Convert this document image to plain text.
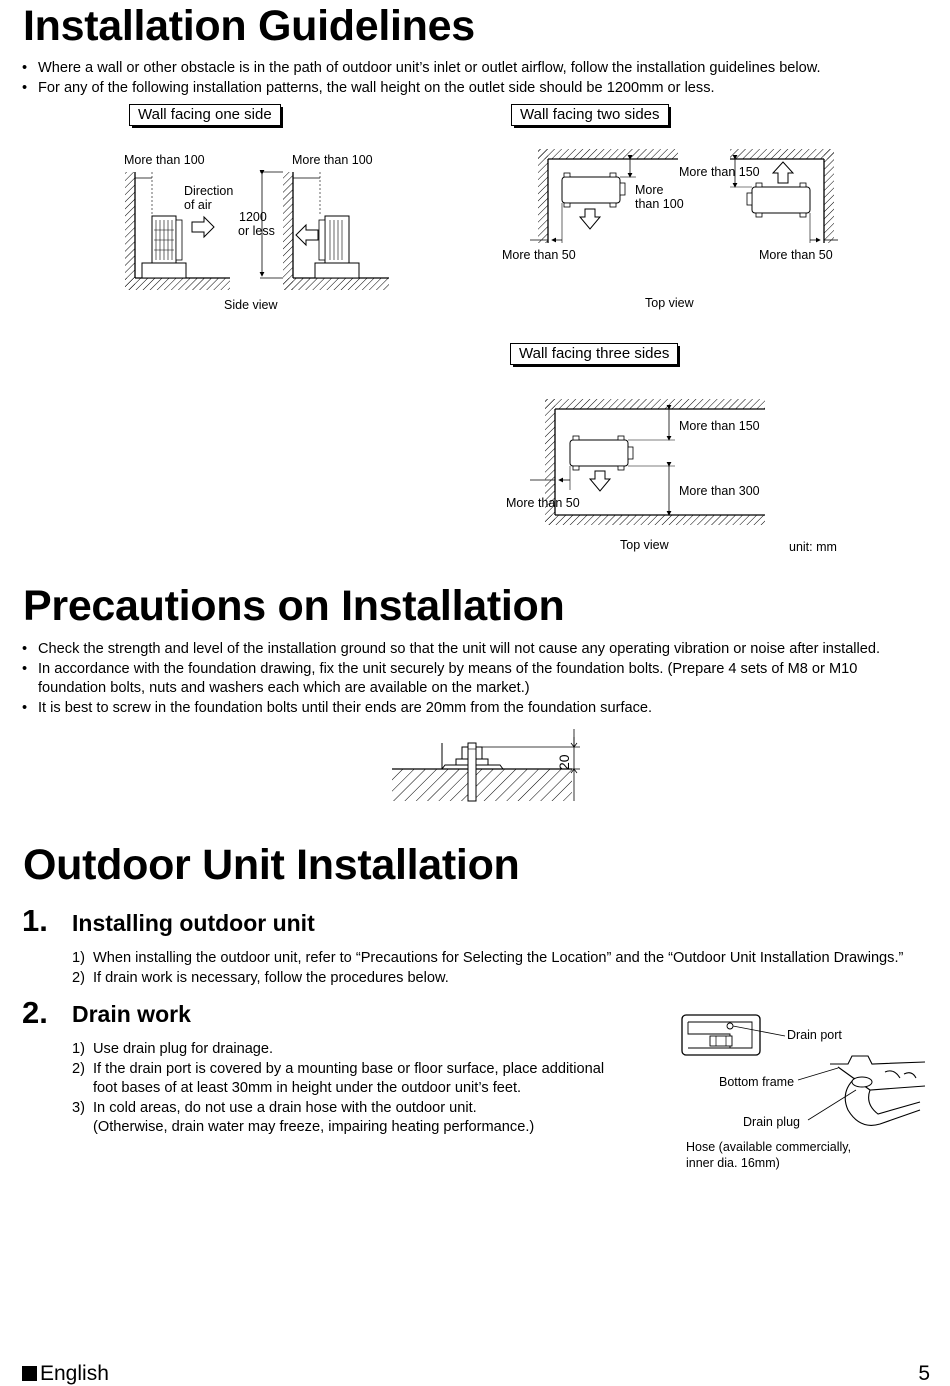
Installation Guidelines
• Where a wall or other obstacle is in the path of outdoor unit’s inlet or outlet airflow, follow the installation guidelines below.
• For any of the following installation patterns, the wall height on the outlet side should be 1200mm or less.
Wall facing one side
More than 100	More than 100
Direction
of air
1200
or less
Side view
Wall facing two sides
More
than 100
More than 150
More than 50	More than 50
Top view
Wall facing three sides
More than 150
More than 300
More than 50
Top view	unit: mm
Precautions on Installation
• Check the strength and level of the installation ground so that the unit will not cause any operating vibration or noise after installed.
• In accordance with the foundation drawing, fix the unit securely by means of the foundation bolts. (Prepare 4 sets of M8 or M10
foundation bolts, nuts and washers each which are available on the market.)
• It is best to screw in the foundation bolts until their ends are 20mm from the foundation surface.
20
Outdoor Unit Installation
1. Installing outdoor unit
1) When installing the outdoor unit, refer to “Precautions for Selecting the Location” and the “Outdoor Unit Installation Drawings.”
2) If drain work is necessary, follow the procedures below.
2. Drain work
1) Use drain plug for drainage.
2) If the drain port is covered by a mounting base or floor surface, place additional
foot bases of at least 30mm in height under the outdoor unit’s feet.
3) In cold areas, do not use a drain hose with the outdoor unit.
(Otherwise, drain water may freeze, impairing heating performance.)
Drain port
Bottom frame
Drain plug
Hose (available commercially,
inner dia. 16mm)
English	5
